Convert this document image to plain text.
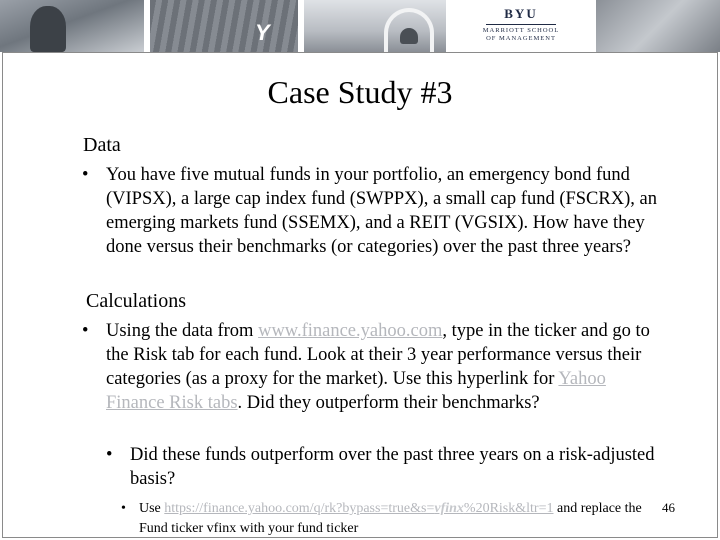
Y
BYU
MARRIOTT SCHOOL
OF MANAGEMENT
Case Study #3
Data
• You have five mutual funds in your portfolio, an emergency bond fund (VIPSX), a large cap index fund (SWPPX), a small cap fund (FSCRX), an emerging markets fund (SSEMX), and a REIT (VGSIX). How have they done versus their benchmarks (or categories) over the past three years?
Calculations
• Using the data from www.finance.yahoo.com, type in the ticker and go to the Risk tab for each fund. Look at their 3 year performance versus their categories (as a proxy for the market). Use this hyperlink for Yahoo Finance Risk tabs. Did they outperform their benchmarks?
• Did these funds outperform over the past three years on a risk-adjusted basis?
• Use https://finance.yahoo.com/q/rk?bypass=true&s=vfinx%20Risk&ltr=1 and replace the Fund ticker vfinx with your fund ticker
46
